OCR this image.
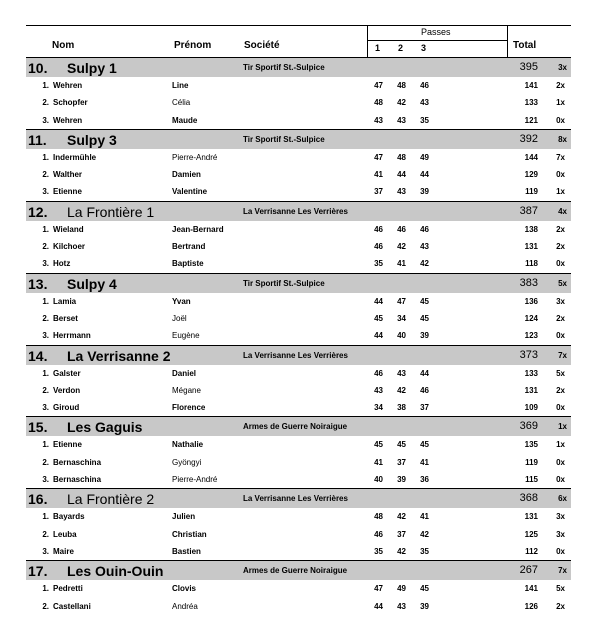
Nom	Prénom	Société
Passes
1 2 3	Total
10. Sulpy 1	Tir Sportif St.-Sulpice	395	3x
1. Wehren	Line	47	48	46	141	2x
2. Schopfer	Célia	48	42	43	133	1x
3. Wehren	Maude	43	43	35	121	0x
11. Sulpy 3	Tir Sportif St.-Sulpice	392	8x
1. Indermühle	Pierre-André	47	48	49	144	7x
2. Walther	Damien	41	44	44	129	0x
3. Etienne	Valentine	37	43	39	119	1x
12. La Frontière 1	La Verrisanne Les Verrières	387	4x
1. Wieland	Jean-Bernard	46	46	46	138	2x
2. Kilchoer	Bertrand	46	42	43	131	2x
3. Hotz	Baptiste	35	41	42	118	0x
13. Sulpy 4	Tir Sportif St.-Sulpice	383	5x
1. Lamia	Yvan	44	47	45	136	3x
2. Berset	Joël	45	34	45	124	2x
3. Herrmann	Eugène	44	40	39	123	0x
14. La Verrisanne 2	La Verrisanne Les Verrières	373	7x
1. Galster	Daniel	46	43	44	133	5x
2. Verdon	Mégane	43	42	46	131	2x
3. Giroud	Florence	34	38	37	109	0x
15. Les Gaguis	Armes de Guerre Noiraigue	369	1x
1. Etienne	Nathalie	45	45	45	135	1x
2. Bernaschina	Gyöngyi	41	37	41	119	0x
3. Bernaschina	Pierre-André	40	39	36	115	0x
16. La Frontière 2	La Verrisanne Les Verrières	368	6x
1. Bayards	Julien	48	42	41	131	3x
2. Leuba	Christian	46	37	42	125	3x
3. Maire	Bastien	35	42	35	112	0x
17. Les Ouin-Ouin	Armes de Guerre Noiraigue	267	7x
1. Pedretti	Clovis	47	49	45	141	5x
2. Castellani	Andréa	44	43	39	126	2x
